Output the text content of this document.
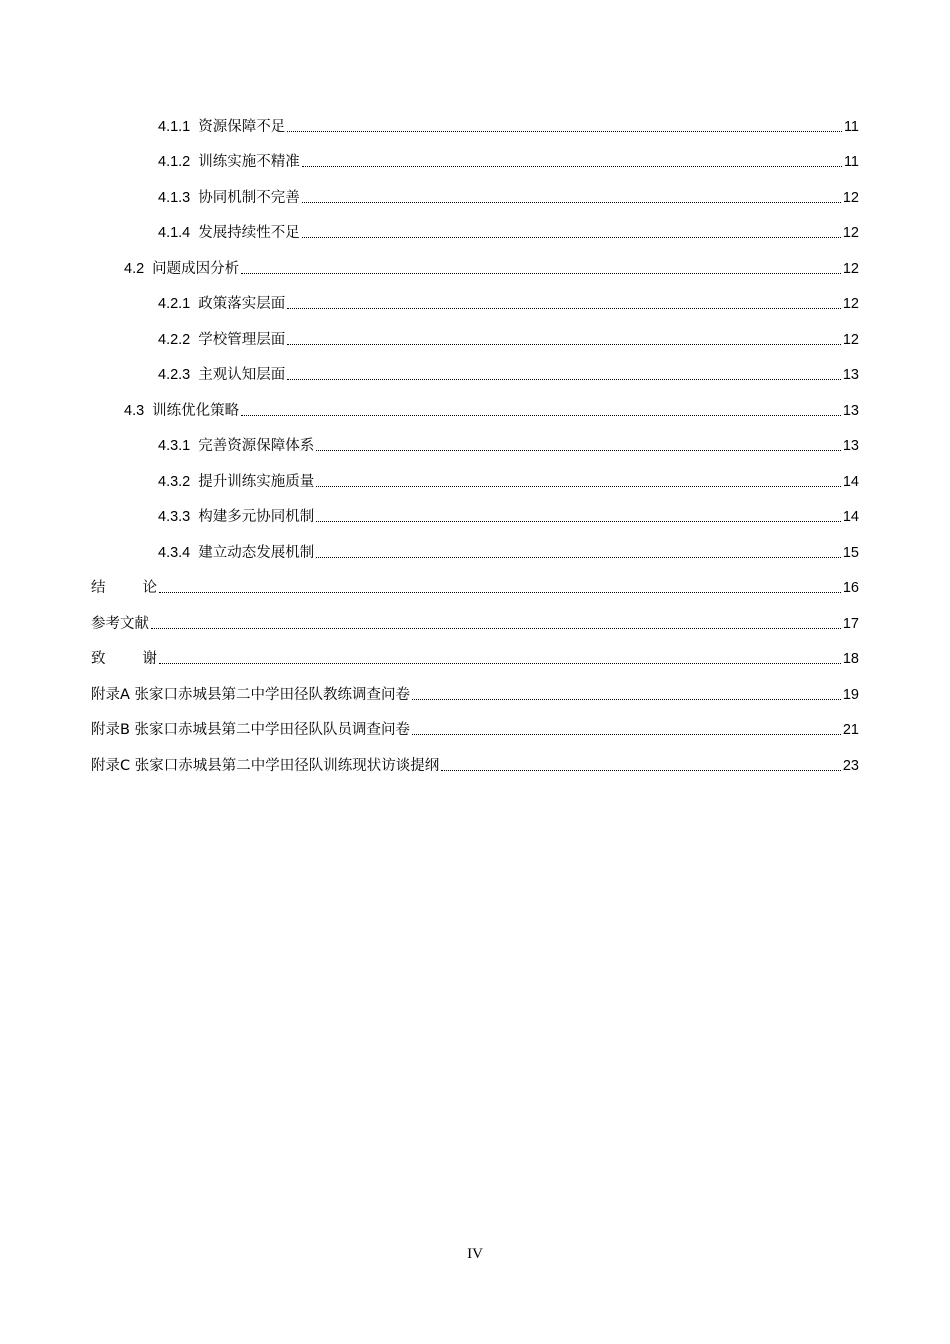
4.1.1 资源保障不足	11
4.1.2 训练实施不精准	11
4.1.3 协同机制不完善	12
4.1.4 发展持续性不足	12
4.2 问题成因分析	12
4.2.1 政策落实层面	12
4.2.2 学校管理层面	12
4.2.3 主观认知层面	13
4.3 训练优化策略	13
4.3.1 完善资源保障体系	13
4.3.2 提升训练实施质量	14
4.3.3 构建多元协同机制	14
4.3.4 建立动态发展机制	15
结	论	16
参考文献	17
致	谢	18
附录A 张家口赤城县第二中学田径队教练调查问卷	19
附录B 张家口赤城县第二中学田径队队员调查问卷	21
附录C 张家口赤城县第二中学田径队训练现状访谈提纲	23
IV
